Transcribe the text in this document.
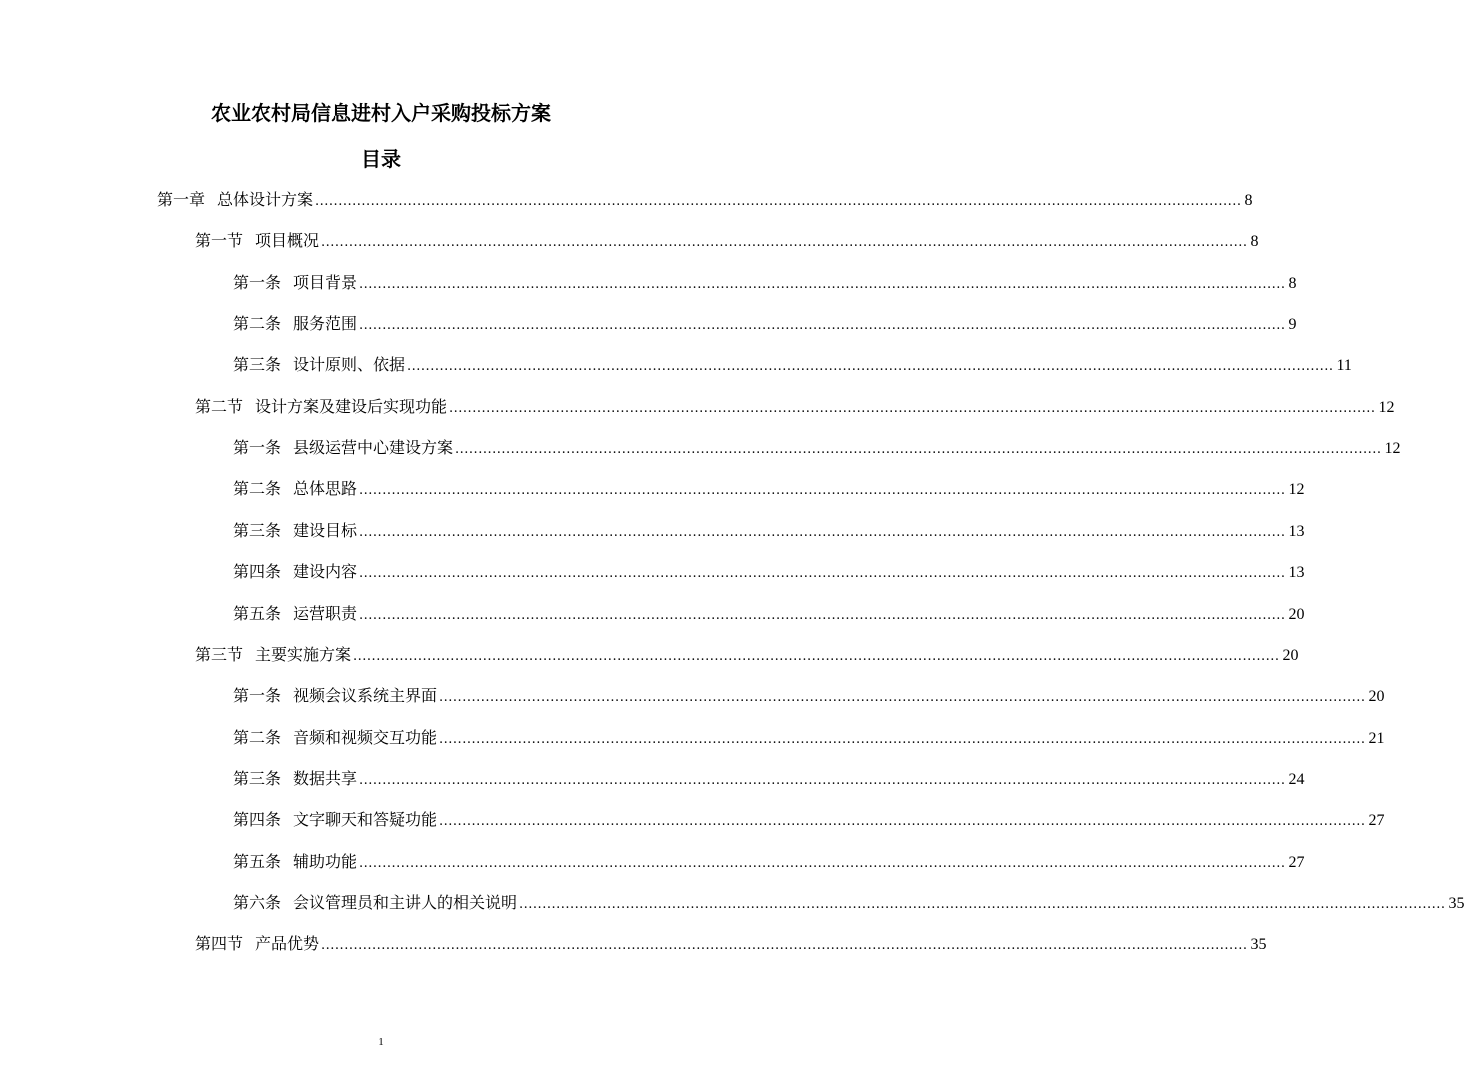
农业农村局信息进村入户采购投标方案
目录
第一章 总体设计方案 ........................................................................................................................................................................................................ 8
第一节 项目概况 ........................................................................................................................................................................................................ 8
第一条 项目背景 ........................................................................................................................................................................................................ 8
第二条 服务范围 ........................................................................................................................................................................................................ 9
第三条 设计原则、依据 ........................................................................................................................................................................................................ 11
第二节 设计方案及建设后实现功能 ........................................................................................................................................................................................................ 12
第一条 县级运营中心建设方案 ........................................................................................................................................................................................................ 12
第二条 总体思路 ........................................................................................................................................................................................................ 12
第三条 建设目标 ........................................................................................................................................................................................................ 13
第四条 建设内容 ........................................................................................................................................................................................................ 13
第五条 运营职责 ........................................................................................................................................................................................................ 20
第三节 主要实施方案 ........................................................................................................................................................................................................ 20
第一条 视频会议系统主界面 ........................................................................................................................................................................................................ 20
第二条 音频和视频交互功能 ........................................................................................................................................................................................................ 21
第三条 数据共享 ........................................................................................................................................................................................................ 24
第四条 文字聊天和答疑功能 ........................................................................................................................................................................................................ 27
第五条 辅助功能 ........................................................................................................................................................................................................ 27
第六条 会议管理员和主讲人的相关说明 ........................................................................................................................................................................................................ 35
第四节 产品优势 ........................................................................................................................................................................................................ 35
1
